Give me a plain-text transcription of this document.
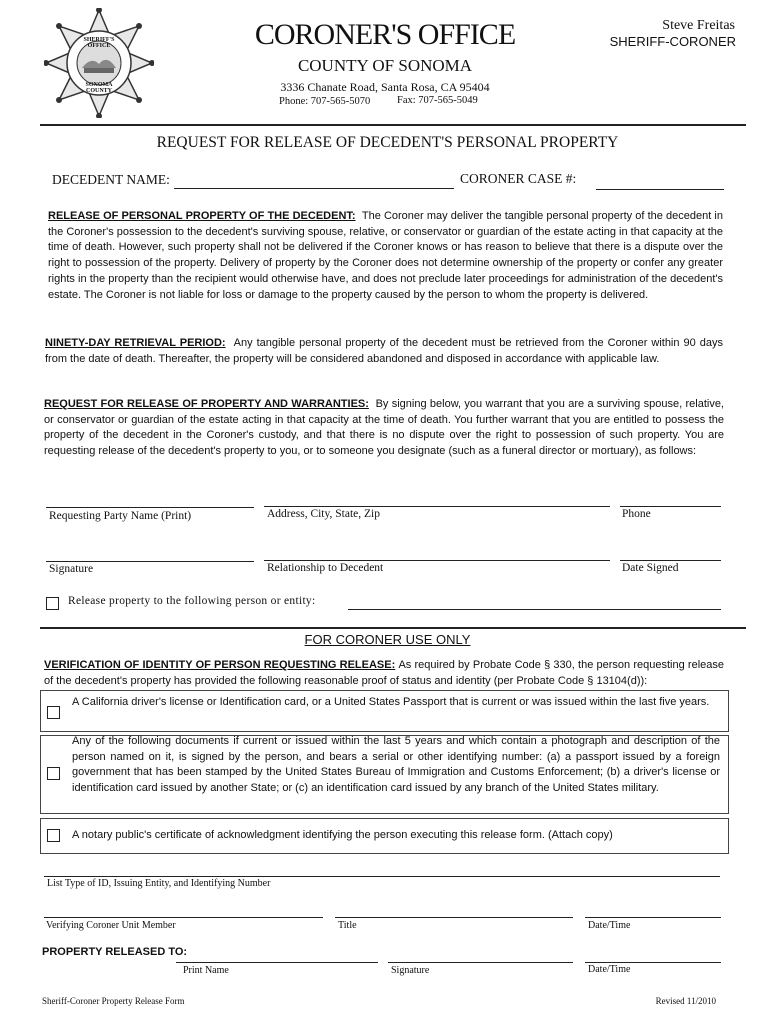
SHERIFF'S OFFICE
SONOMA COUNTY
CORONER'S OFFICE
COUNTY OF SONOMA
3336 Chanate Road, Santa Rosa, CA 95404
Phone: 707-565-5070	Fax: 707-565-5049
Steve Freitas
SHERIFF-CORONER
REQUEST FOR RELEASE OF DECEDENT'S PERSONAL PROPERTY
DECEDENT NAME:	CORONER CASE #:
RELEASE OF PERSONAL PROPERTY OF THE DECEDENT: The Coroner may deliver the tangible personal property of the decedent in the Coroner's possession to the decedent's surviving spouse, relative, or conservator or guardian of the estate acting in that capacity at the time of death. However, such property shall not be delivered if the Coroner knows or has reason to believe that there is a dispute over the right to possession of the property. Delivery of property by the Coroner does not determine ownership of the property or confer any greater rights in the property than the recipient would otherwise have, and does not preclude later proceedings for administration of the decedent's estate. The Coroner is not liable for loss or damage to the property caused by the person to whom the property is delivered.
NINETY-DAY RETRIEVAL PERIOD: Any tangible personal property of the decedent must be retrieved from the Coroner within 90 days from the date of death. Thereafter, the property will be considered abandoned and disposed in accordance with applicable law.
REQUEST FOR RELEASE OF PROPERTY AND WARRANTIES: By signing below, you warrant that you are a surviving spouse, relative, or conservator or guardian of the estate acting in that capacity at the time of death. You further warrant that you are entitled to possess the property of the decedent in the Coroner's custody, and that there is no dispute over the right to possession of such property. You are requesting release of the decedent's property to you, or to someone you designate (such as a funeral director or mortuary), as follows:
Requesting Party Name (Print)	Address, City, State, Zip	Phone
Signature	Relationship to Decedent	Date Signed
Release property to the following person or entity:
FOR CORONER USE ONLY
VERIFICATION OF IDENTITY OF PERSON REQUESTING RELEASE: As required by Probate Code § 330, the person requesting release of the decedent's property has provided the following reasonable proof of status and identity (per Probate Code § 13104(d)):
A California driver's license or Identification card, or a United States Passport that is current or was issued within the last five years.
Any of the following documents if current or issued within the last 5 years and which contain a photograph and description of the person named on it, is signed by the person, and bears a serial or other identifying number: (a) a passport issued by a foreign government that has been stamped by the United States Bureau of Immigration and Customs Enforcement; (b) a driver's license or identification card issued by another State; or (c) an identification card issued by any branch of the United States military.
A notary public's certificate of acknowledgment identifying the person executing this release form. (Attach copy)
List Type of ID, Issuing Entity, and Identifying Number
Verifying Coroner Unit Member	Title	Date/Time
PROPERTY RELEASED TO:
Print Name	Signature	Date/Time
Sheriff-Coroner Property Release Form	Revised 11/2010
